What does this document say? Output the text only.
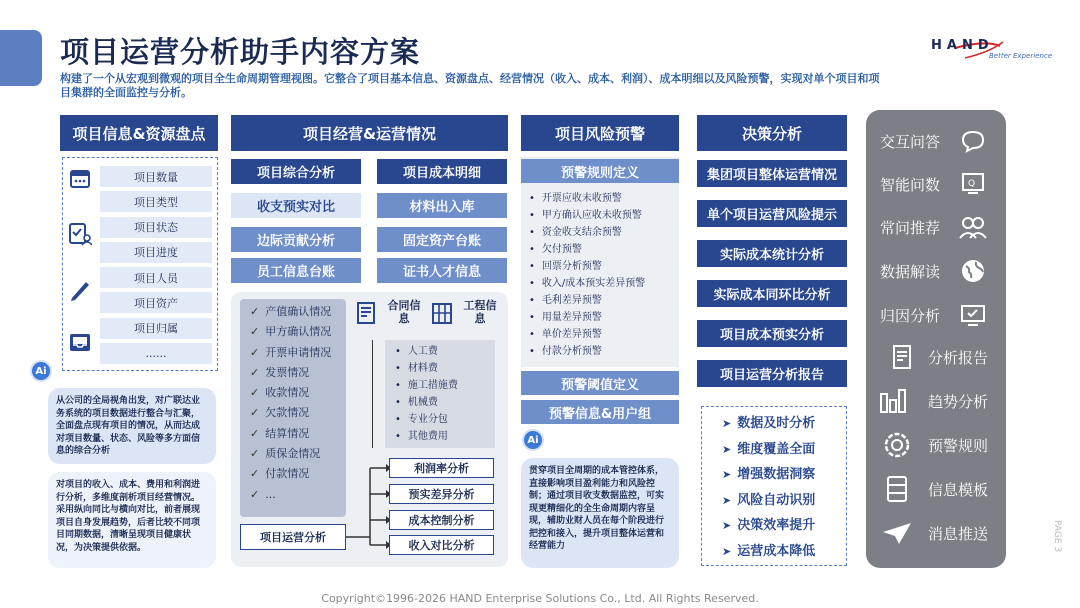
项目运营分析助手内容方案	HAND
Better Experience
构建了一个从宏观到微观的项目全生命周期管理视图。它整合了项目基本信息、资源盘点、经营情况（收入、成本、利润）、成本明细以及风险预警，实现对单个项目和项目集群的全面监控与分析。
项目信息&资源盘点
项目数量
项目类型
项目状态
项目进度
项目人员
项目资产
项目归属
......
Ai
从公司的全局视角出发，对广联达业务系统的项目数据进行整合与汇聚，全面盘点现有项目的情况，从而达成对项目数量、状态、风险等多方面信息的综合分析
对项目的收入、成本、费用和利润进行分析，多维度剖析项目经营情况。采用纵向同比与横向对比，前者展现项目自身发展趋势，后者比较不同项目同期数据，清晰呈现项目健康状况，为决策提供依据。
项目经营&运营情况
项目综合分析
收支预实对比
边际贡献分析
员工信息台账
项目成本明细
材料出入库
固定资产台账
证书人才信息
✓ 产值确认情况
✓ 甲方确认情况
✓ 开票申请情况
✓ 发票情况
✓ 收款情况
✓ 欠款情况
✓ 结算情况
✓ 质保金情况
✓ 付款情况
✓ ...
合同信息
工程信息
• 人工费
• 材料费
• 施工措施费
• 机械费
• 专业分包
• 其他费用
项目运营分析
利润率分析
预实差异分析
成本控制分析
收入对比分析
项目风险预警
预警规则定义
• 开票应收未收预警
• 甲方确认应收未收预警
• 资金收支结余预警
• 欠付预警
• 回票分析预警
• 收入/成本预实差异预警
• 毛利差异预警
• 用量差异预警
• 单价差异预警
• 付款分析预警
预警阈值定义
预警信息&用户组
Ai
贯穿项目全周期的成本管控体系，直接影响项目盈利能力和风险控制；通过项目收支数据监控，可实现更精细化的全生命周期内容呈现，辅助业财人员在每个阶段进行把控和接入，提升项目整体运营和经营能力
决策分析
集团项目整体运营情况
单个项目运营风险提示
实际成本统计分析
实际成本同环比分析
项目成本预实分析
项目运营分析报告
➤ 数据及时分析
➤ 维度覆盖全面
➤ 增强数据洞察
➤ 风险自动识别
➤ 决策效率提升
➤ 运营成本降低
交互问答
智能问数	Q
常问推荐
数据解读
归因分析
分析报告
趋势分析
预警规则
信息模板
消息推送	PAGE 3
Copyright©1996-2026 HAND Enterprise Solutions Co., Ltd. All Rights Reserved.
